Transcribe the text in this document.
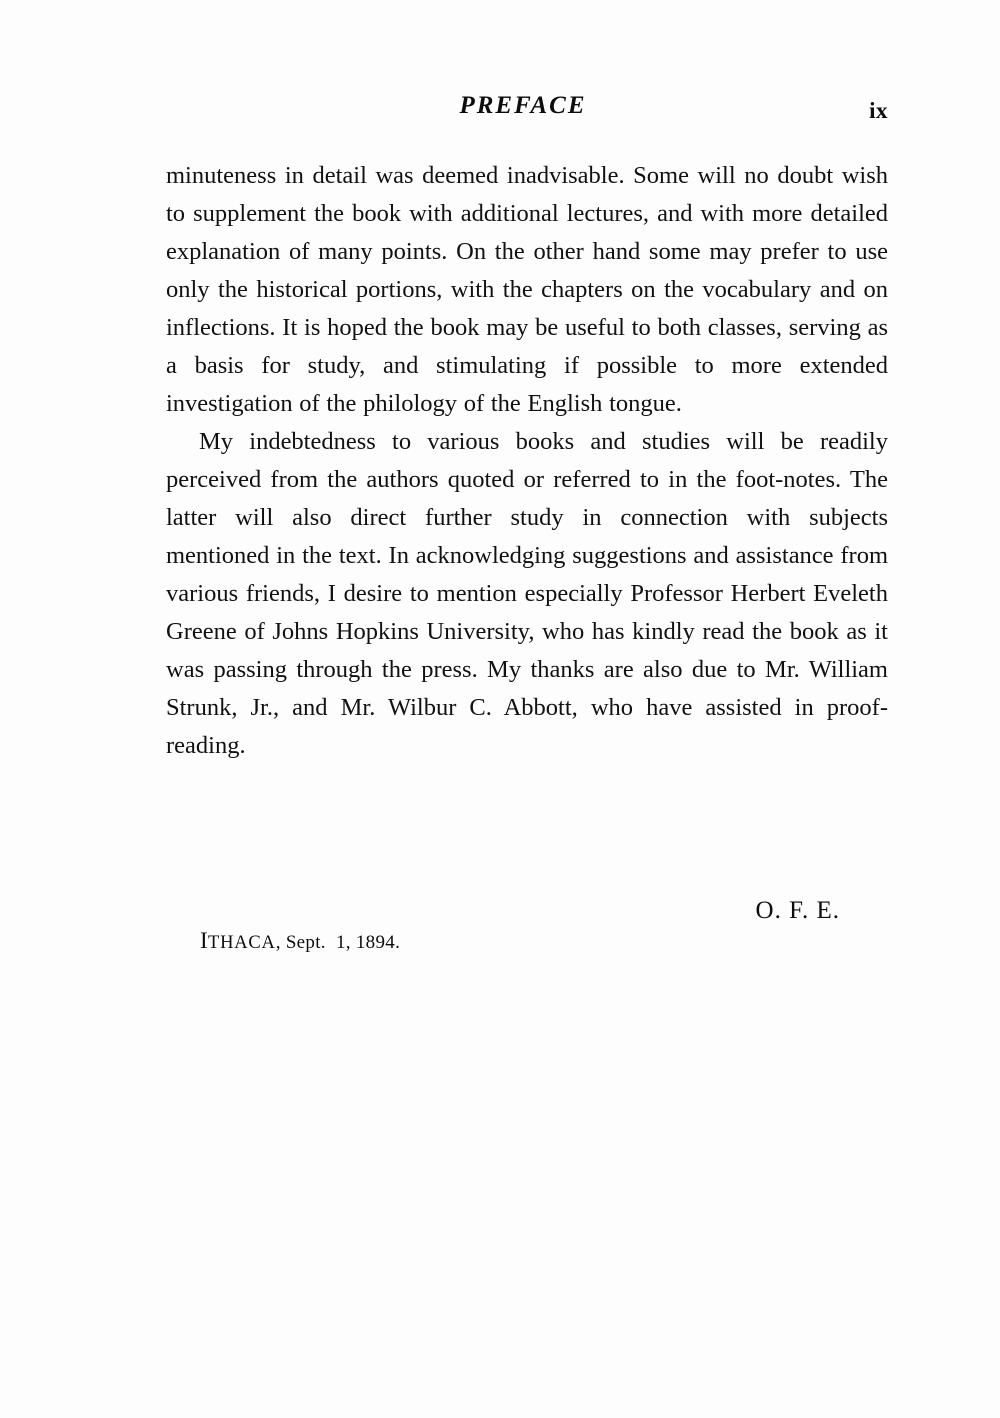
PREFACE	ix

minuteness in detail was deemed inadvisable. Some will no doubt wish to supplement the book with additional lectures, and with more detailed explanation of many points. On the other hand some may prefer to use only the historical portions, with the chapters on the vocabulary and on inflections. It is hoped the book may be useful to both classes, serving as a basis for study, and stimulating if possible to more extended investigation of the philology of the English tongue.

My indebtedness to various books and studies will be readily perceived from the authors quoted or referred to in the foot-notes. The latter will also direct further study in connection with subjects mentioned in the text. In acknowledging suggestions and assistance from various friends, I desire to mention especially Professor Herbert Eveleth Greene of Johns Hopkins University, who has kindly read the book as it was passing through the press. My thanks are also due to Mr. William Strunk, Jr., and Mr. Wilbur C. Abbott, who have assisted in proof-reading.

O. F. E.
ITHACA, Sept. 1, 1894.
